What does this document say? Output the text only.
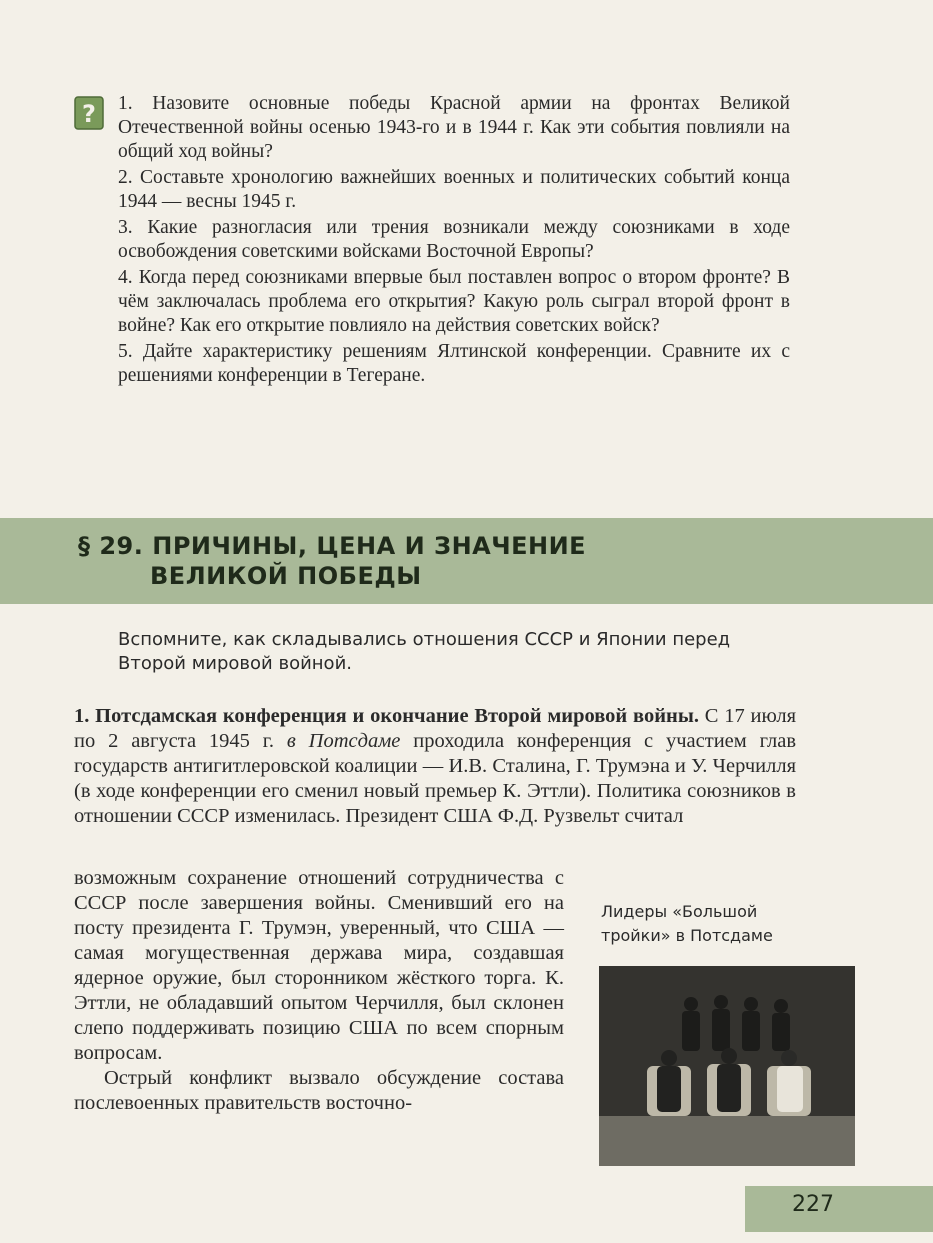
? 1. Назовите основные победы Красной армии на фронтах Великой Отечественной войны осенью 1943-го и в 1944 г. Как эти события повлияли на общий ход войны?

2. Составьте хронологию важнейших военных и политических событий конца 1944 — весны 1945 г.

3. Какие разногласия или трения возникали между союзниками в ходе освобождения советскими войсками Восточной Европы?

4. Когда перед союзниками впервые был поставлен вопрос о втором фронте? В чём заключалась проблема его открытия? Какую роль сыграл второй фронт в войне? Как его открытие повлияло на действия советских войск?

5. Дайте характеристику решениям Ялтинской конференции. Сравните их с решениями конференции в Тегеране.

§ 29. ПРИЧИНЫ, ЦЕНА И ЗНАЧЕНИЕ
ВЕЛИКОЙ ПОБЕДЫ
Вспомните, как складывались отношения СССР и Японии перед Второй мировой войной.
1. Потсдамская конференция и окончание Второй мировой войны. С 17 июля по 2 августа 1945 г. в Потсдаме проходила конференция с участием глав государств антигитлеровской коалиции — И.В. Сталина, Г. Трумэна и У. Черчилля (в ходе конференции его сменил новый премьер К. Эттли). Политика союзников в отношении СССР изменилась. Президент США Ф.Д. Рузвельт считал

возможным сохранение отношений сотрудничества с СССР после завершения войны. Сменивший его на посту президента Г. Трумэн, уверенный, что США — самая могущественная держава мира, создавшая ядерное оружие, был сторонником жёсткого торга. К. Эттли, не обладавший опытом Черчилля, был склонен слепо поддерживать позицию США по всем спорным вопросам.

Острый конфликт вызвало обсуждение состава послевоенных правительств восточно-

Лидеры «Большой тройки» в Потсдаме
227
